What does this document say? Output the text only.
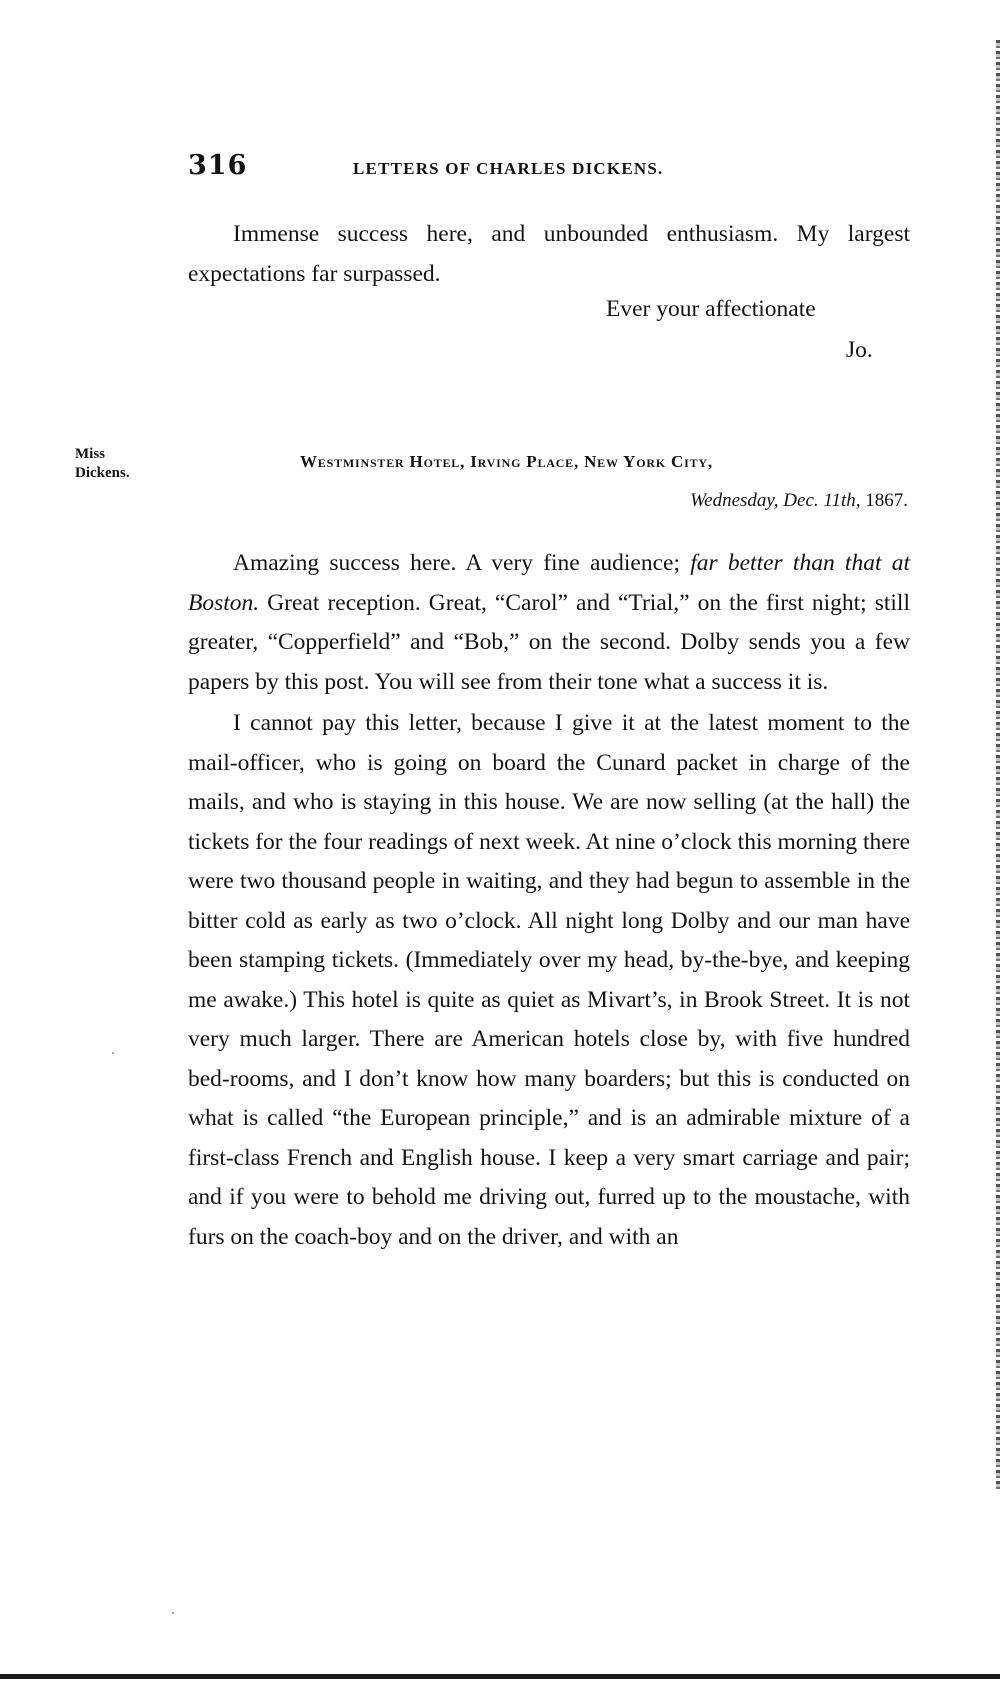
316	LETTERS OF CHARLES DICKENS.

Immense success here, and unbounded enthusiasm. My largest expectations far surpassed.

Ever your affectionate
Jo.
Miss
Dickens.
Westminster Hotel, Irving Place, New York City,
Wednesday, Dec. 11th, 1867.

Amazing success here. A very fine audience; far better than that at Boston. Great reception. Great, “Carol” and “Trial,” on the first night; still greater, “Copperfield” and “Bob,” on the second. Dolby sends you a few papers by this post. You will see from their tone what a success it is.

I cannot pay this letter, because I give it at the latest moment to the mail-officer, who is going on board the Cunard packet in charge of the mails, and who is staying in this house. We are now selling (at the hall) the tickets for the four readings of next week. At nine o’clock this morning there were two thousand people in waiting, and they had begun to assemble in the bitter cold as early as two o’clock. All night long Dolby and our man have been stamping tickets. (Immediately over my head, by-the-bye, and keeping me awake.) This hotel is quite as quiet as Mivart’s, in Brook Street. It is not very much larger. There are American hotels close by, with five hundred bed-rooms, and I don’t know how many boarders; but this is conducted on what is called “the European principle,” and is an admirable mixture of a first-class French and English house. I keep a very smart carriage and pair; and if you were to behold me driving out, furred up to the moustache, with furs on the coach-boy and on the driver, and with an
